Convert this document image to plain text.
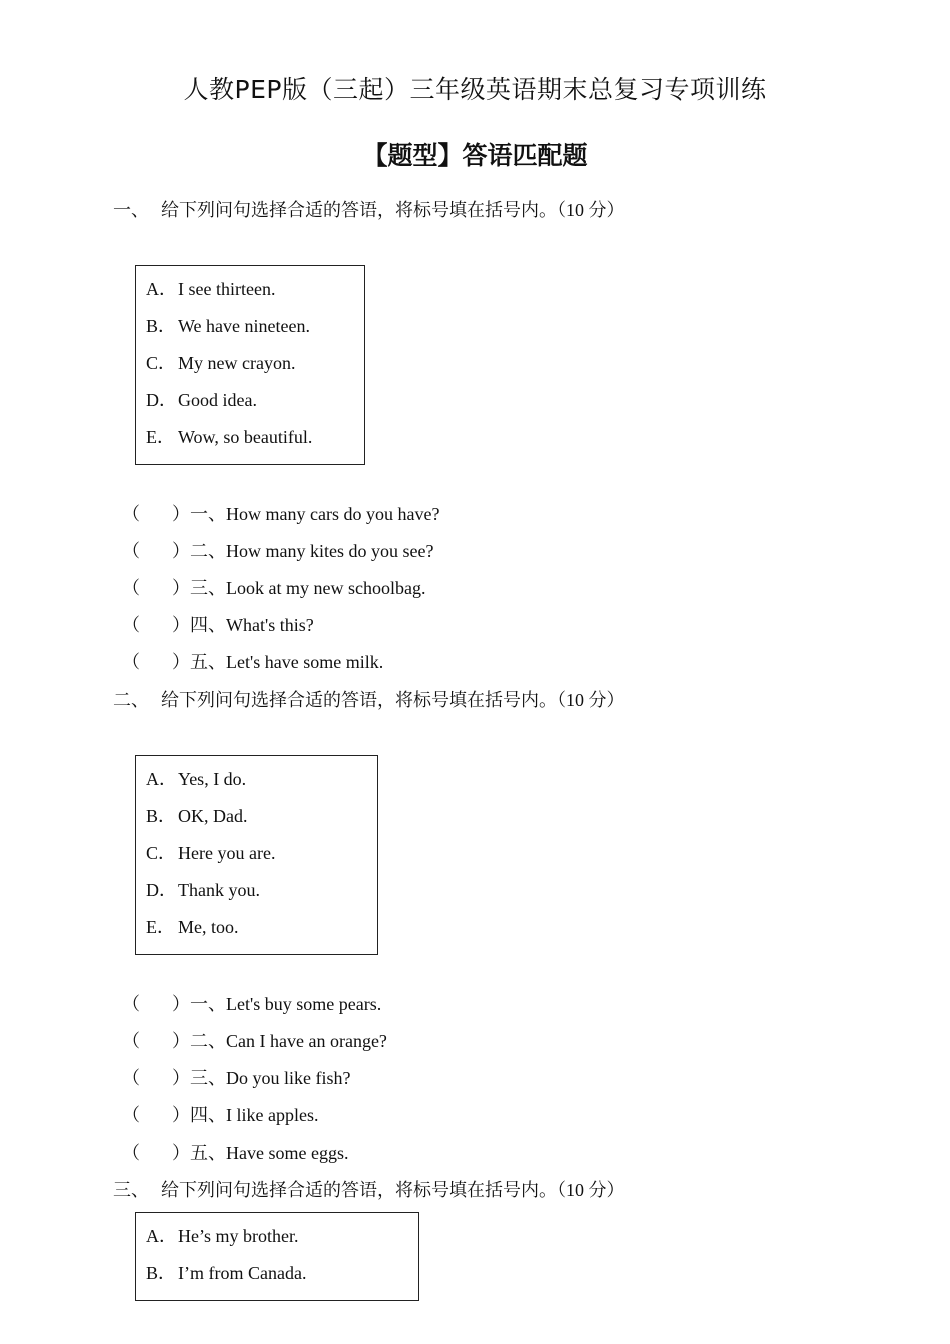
人教PEP版（三起）三年级英语期末总复习专项训练
【题型】答语匹配题
一、 给下列问句选择合适的答语，将标号填在括号内。（10 分）
A．I see thirteen.
B． We have nineteen.
C． My new crayon.
D．Good idea.
E． Wow, so beautiful.
（ ）一、How many cars do you have?
（ ）二、How many kites do you see?
（ ）三、Look at my new schoolbag.
（ ）四、What's this?
（ ）五、Let's have some milk.
二、 给下列问句选择合适的答语，将标号填在括号内。（10 分）
A．Yes, I do.
B． OK, Dad.
C． Here you are.
D．Thank you.
E． Me, too.
（ ）一、Let's buy some pears.
（ ）二、Can I have an orange?
（ ）三、Do you like fish?
（ ）四、I like apples.
（ ）五、Have some eggs.
三、 给下列问句选择合适的答语，将标号填在括号内。（10 分）
A．He’s my brother.
B． I’m from Canada.
